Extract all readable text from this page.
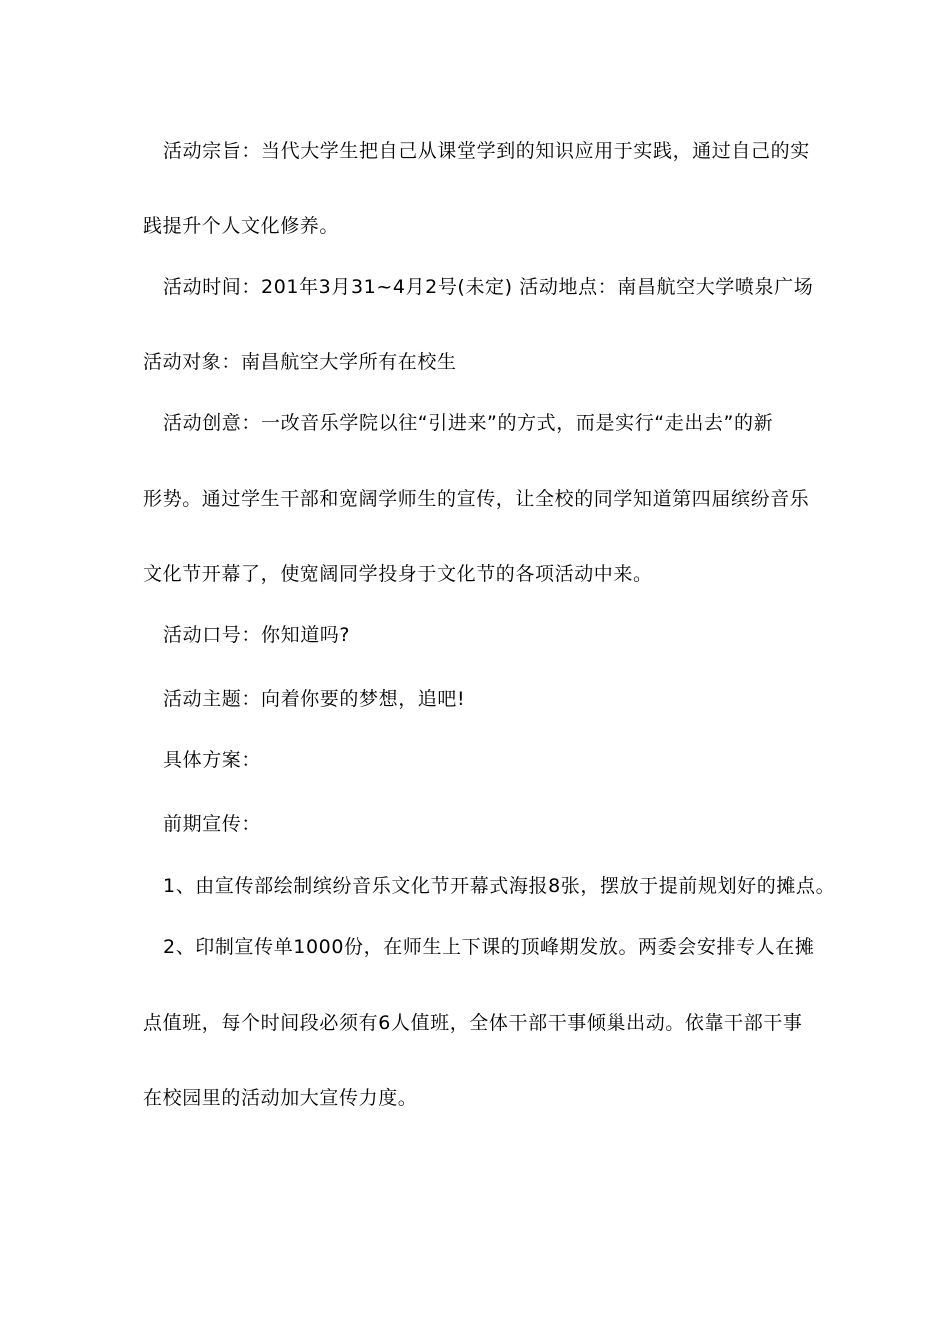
活动宗旨：当代大学生把自己从课堂学到的知识应用于实践，通过自己的实
践提升个人文化修养。
活动时间：201年3月31~4月2号(未定) 活动地点：南昌航空大学喷泉广场
活动对象：南昌航空大学所有在校生
活动创意：一改音乐学院以往“引进来”的方式，而是实行“走出去”的新
形势。通过学生干部和宽阔学师生的宣传，让全校的同学知道第四届缤纷音乐
文化节开幕了，使宽阔同学投身于文化节的各项活动中来。
活动口号：你知道吗?
活动主题：向着你要的梦想，追吧!
具体方案：
前期宣传：
1、由宣传部绘制缤纷音乐文化节开幕式海报8张，摆放于提前规划好的摊点。
2、印制宣传单1000份，在师生上下课的顶峰期发放。两委会安排专人在摊
点值班，每个时间段必须有6人值班，全体干部干事倾巢出动。依靠干部干事
在校园里的活动加大宣传力度。
